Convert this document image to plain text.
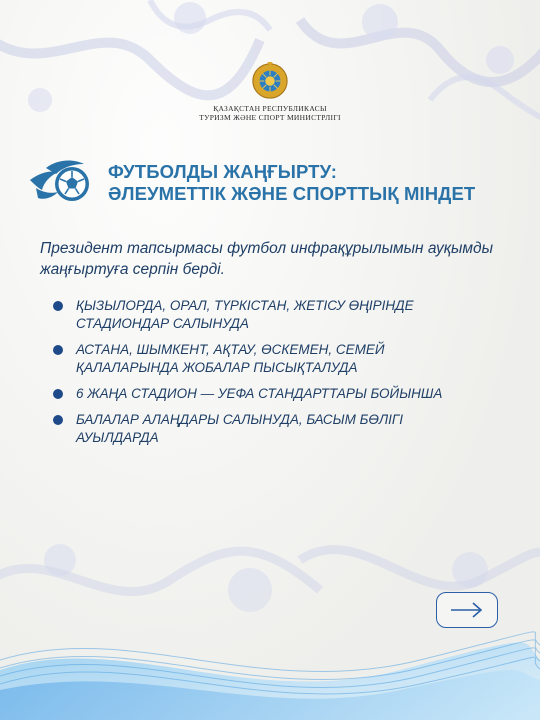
ҚАЗАҚСТАН РЕСПУБЛИКАСЫ
ТУРИЗМ ЖӘНЕ СПОРТ МИНИСТРЛІГІ
ФУТБОЛДЫ ЖАҢҒЫРТУ:
ӘЛЕУМЕТТІК ЖӘНЕ СПОРТТЫҚ МІНДЕТ
Президент тапсырмасы футбол инфрақұрылымын ауқымды жаңғыртуға серпін берді.
ҚЫЗЫЛОРДА, ОРАЛ, ТҮРКІСТАН, ЖЕТІСУ ӨҢІРІНДЕ
СТАДИОНДАР САЛЫНУДА
АСТАНА, ШЫМКЕНТ, АҚТАУ, ӨСКЕМЕН, СЕМЕЙ
ҚАЛАЛАРЫНДА ЖОБАЛАР ПЫСЫҚТАЛУДА
6 ЖАҢА СТАДИОН — УЕФА СТАНДАРТТАРЫ БОЙЫНША
БАЛАЛАР АЛАҢДАРЫ САЛЫНУДА, БАСЫМ БӨЛІГІ
АУЫЛДАРДА
